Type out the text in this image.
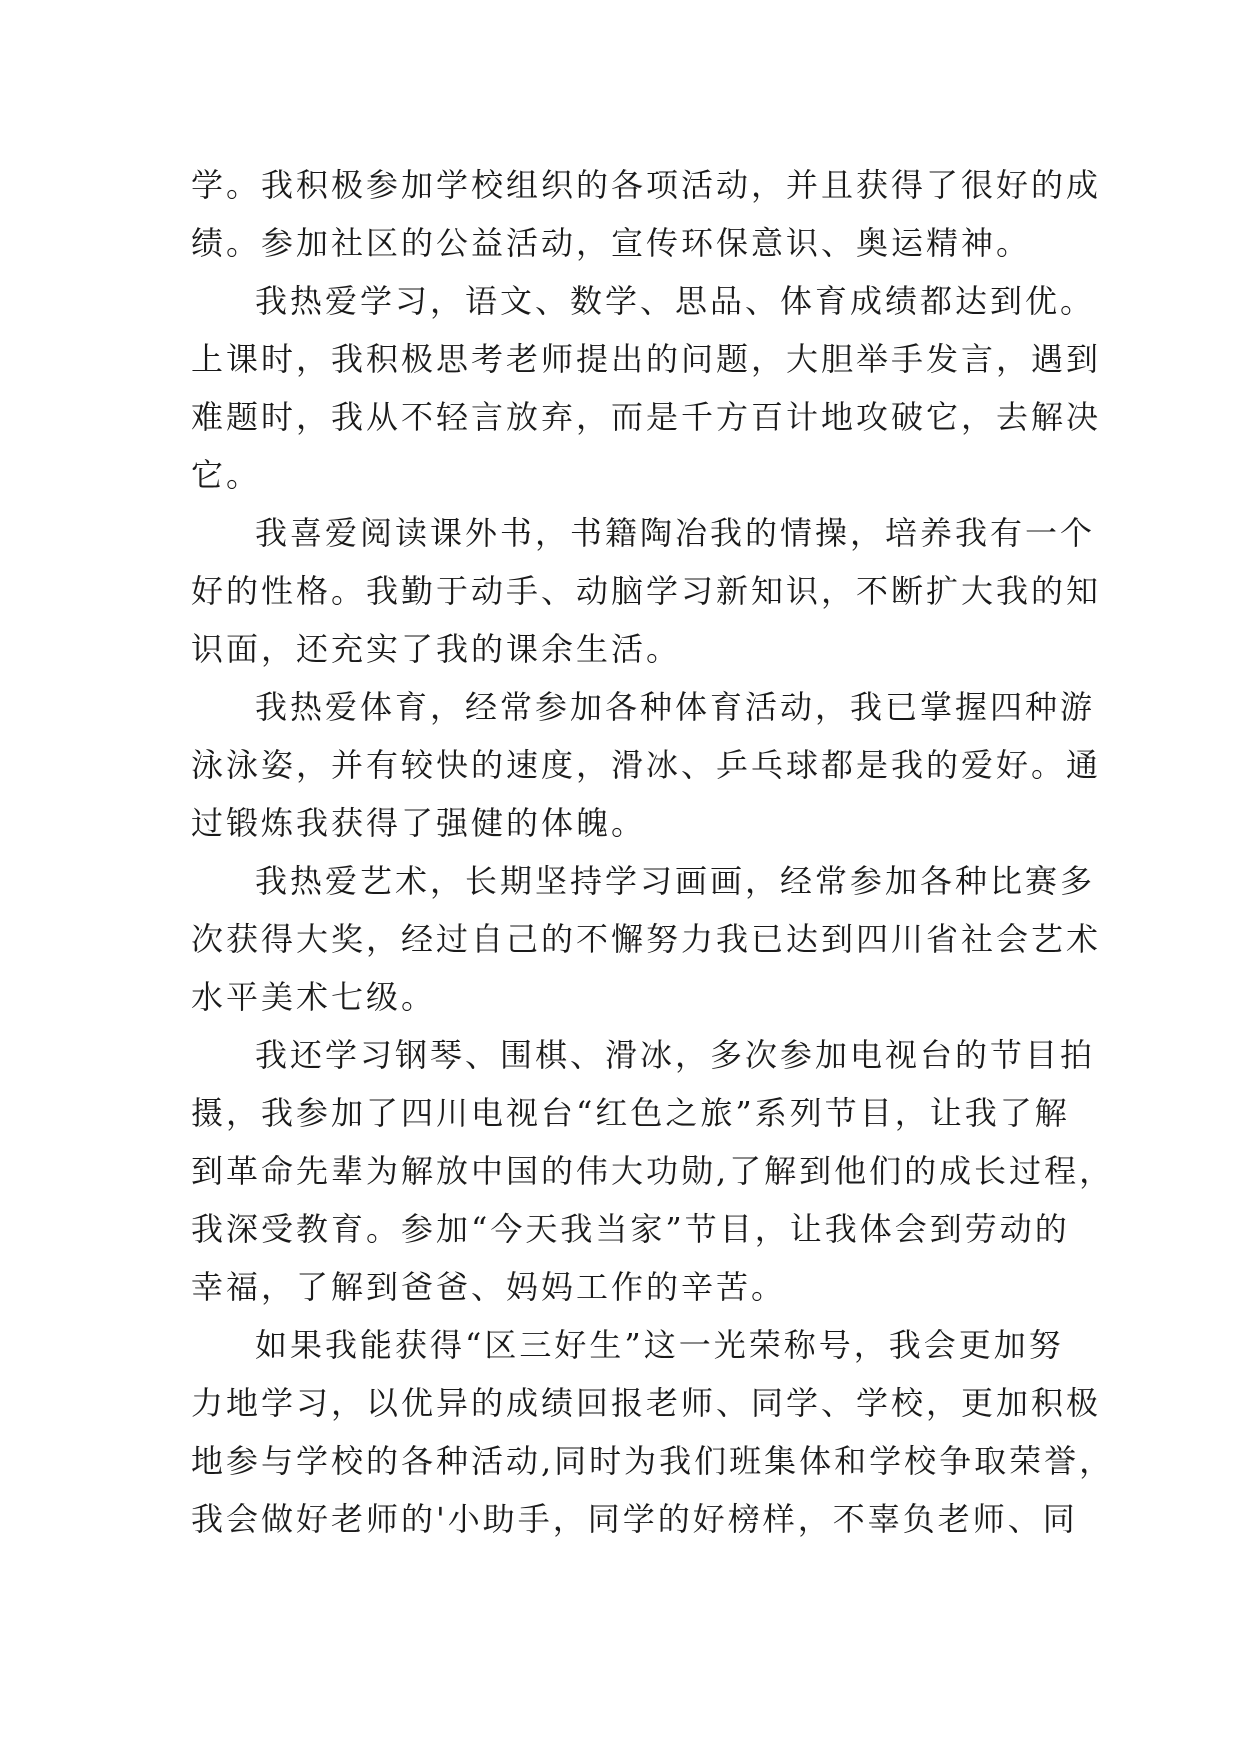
学。我积极参加学校组织的各项活动，并且获得了很好的成
绩。参加社区的公益活动，宣传环保意识、奥运精神。
我热爱学习，语文、数学、思品、体育成绩都达到优。
上课时，我积极思考老师提出的问题，大胆举手发言，遇到
难题时，我从不轻言放弃，而是千方百计地攻破它，去解决
它。
我喜爱阅读课外书，书籍陶冶我的情操，培养我有一个
好的性格。我勤于动手、动脑学习新知识，不断扩大我的知
识面，还充实了我的课余生活。
我热爱体育，经常参加各种体育活动，我已掌握四种游
泳泳姿，并有较快的速度，滑冰、乒乓球都是我的爱好。通
过锻炼我获得了强健的体魄。
我热爱艺术，长期坚持学习画画，经常参加各种比赛多
次获得大奖，经过自己的不懈努力我已达到四川省社会艺术
水平美术七级。
我还学习钢琴、围棋、滑冰，多次参加电视台的节目拍
摄，我参加了四川电视台“红色之旅”系列节目，让我了解
到革命先辈为解放中国的伟大功勋,了解到他们的成长过程，
我深受教育。参加“今天我当家”节目，让我体会到劳动的
幸福，了解到爸爸、妈妈工作的辛苦。
如果我能获得“区三好生”这一光荣称号，我会更加努
力地学习，以优异的成绩回报老师、同学、学校，更加积极
地参与学校的各种活动,同时为我们班集体和学校争取荣誉，
我会做好老师的'小助手，同学的好榜样，不辜负老师、同
